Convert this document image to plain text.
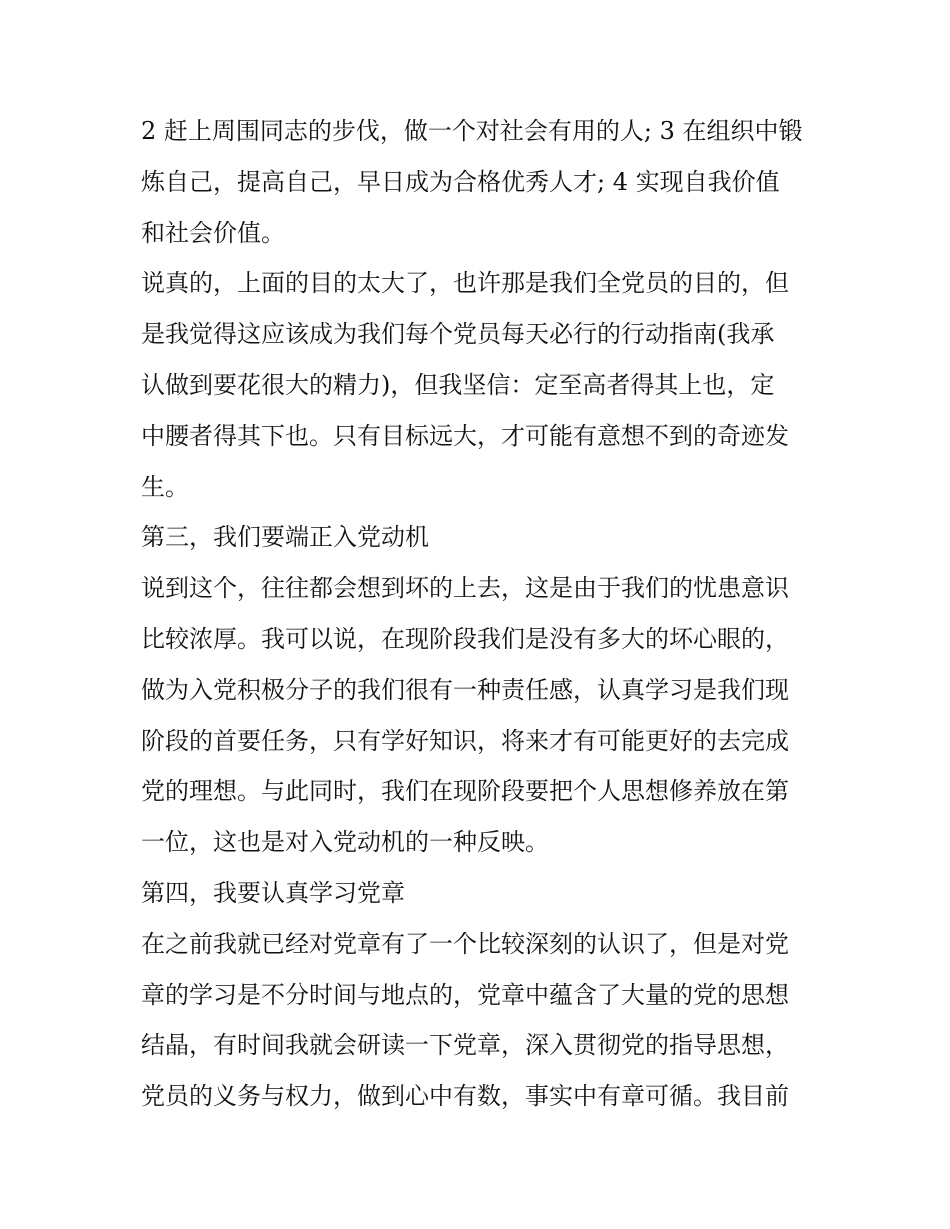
2 赶上周围同志的步伐，做一个对社会有用的人; 3 在组织中锻
炼自己，提高自己，早日成为合格优秀人才; 4 实现自我价值
和社会价值。
说真的，上面的目的太大了，也许那是我们全党员的目的，但
是我觉得这应该成为我们每个党员每天必行的行动指南(我承
认做到要花很大的精力)，但我坚信：定至高者得其上也，定
中腰者得其下也。只有目标远大，才可能有意想不到的奇迹发
生。
第三，我们要端正入党动机
说到这个，往往都会想到坏的上去，这是由于我们的忧患意识
比较浓厚。我可以说，在现阶段我们是没有多大的坏心眼的，
做为入党积极分子的我们很有一种责任感，认真学习是我们现
阶段的首要任务，只有学好知识，将来才有可能更好的去完成
党的理想。与此同时，我们在现阶段要把个人思想修养放在第
一位，这也是对入党动机的一种反映。
第四，我要认真学习党章
在之前我就已经对党章有了一个比较深刻的认识了，但是对党
章的学习是不分时间与地点的，党章中蕴含了大量的党的思想
结晶，有时间我就会研读一下党章，深入贯彻党的指导思想，
党员的义务与权力，做到心中有数，事实中有章可循。我目前
